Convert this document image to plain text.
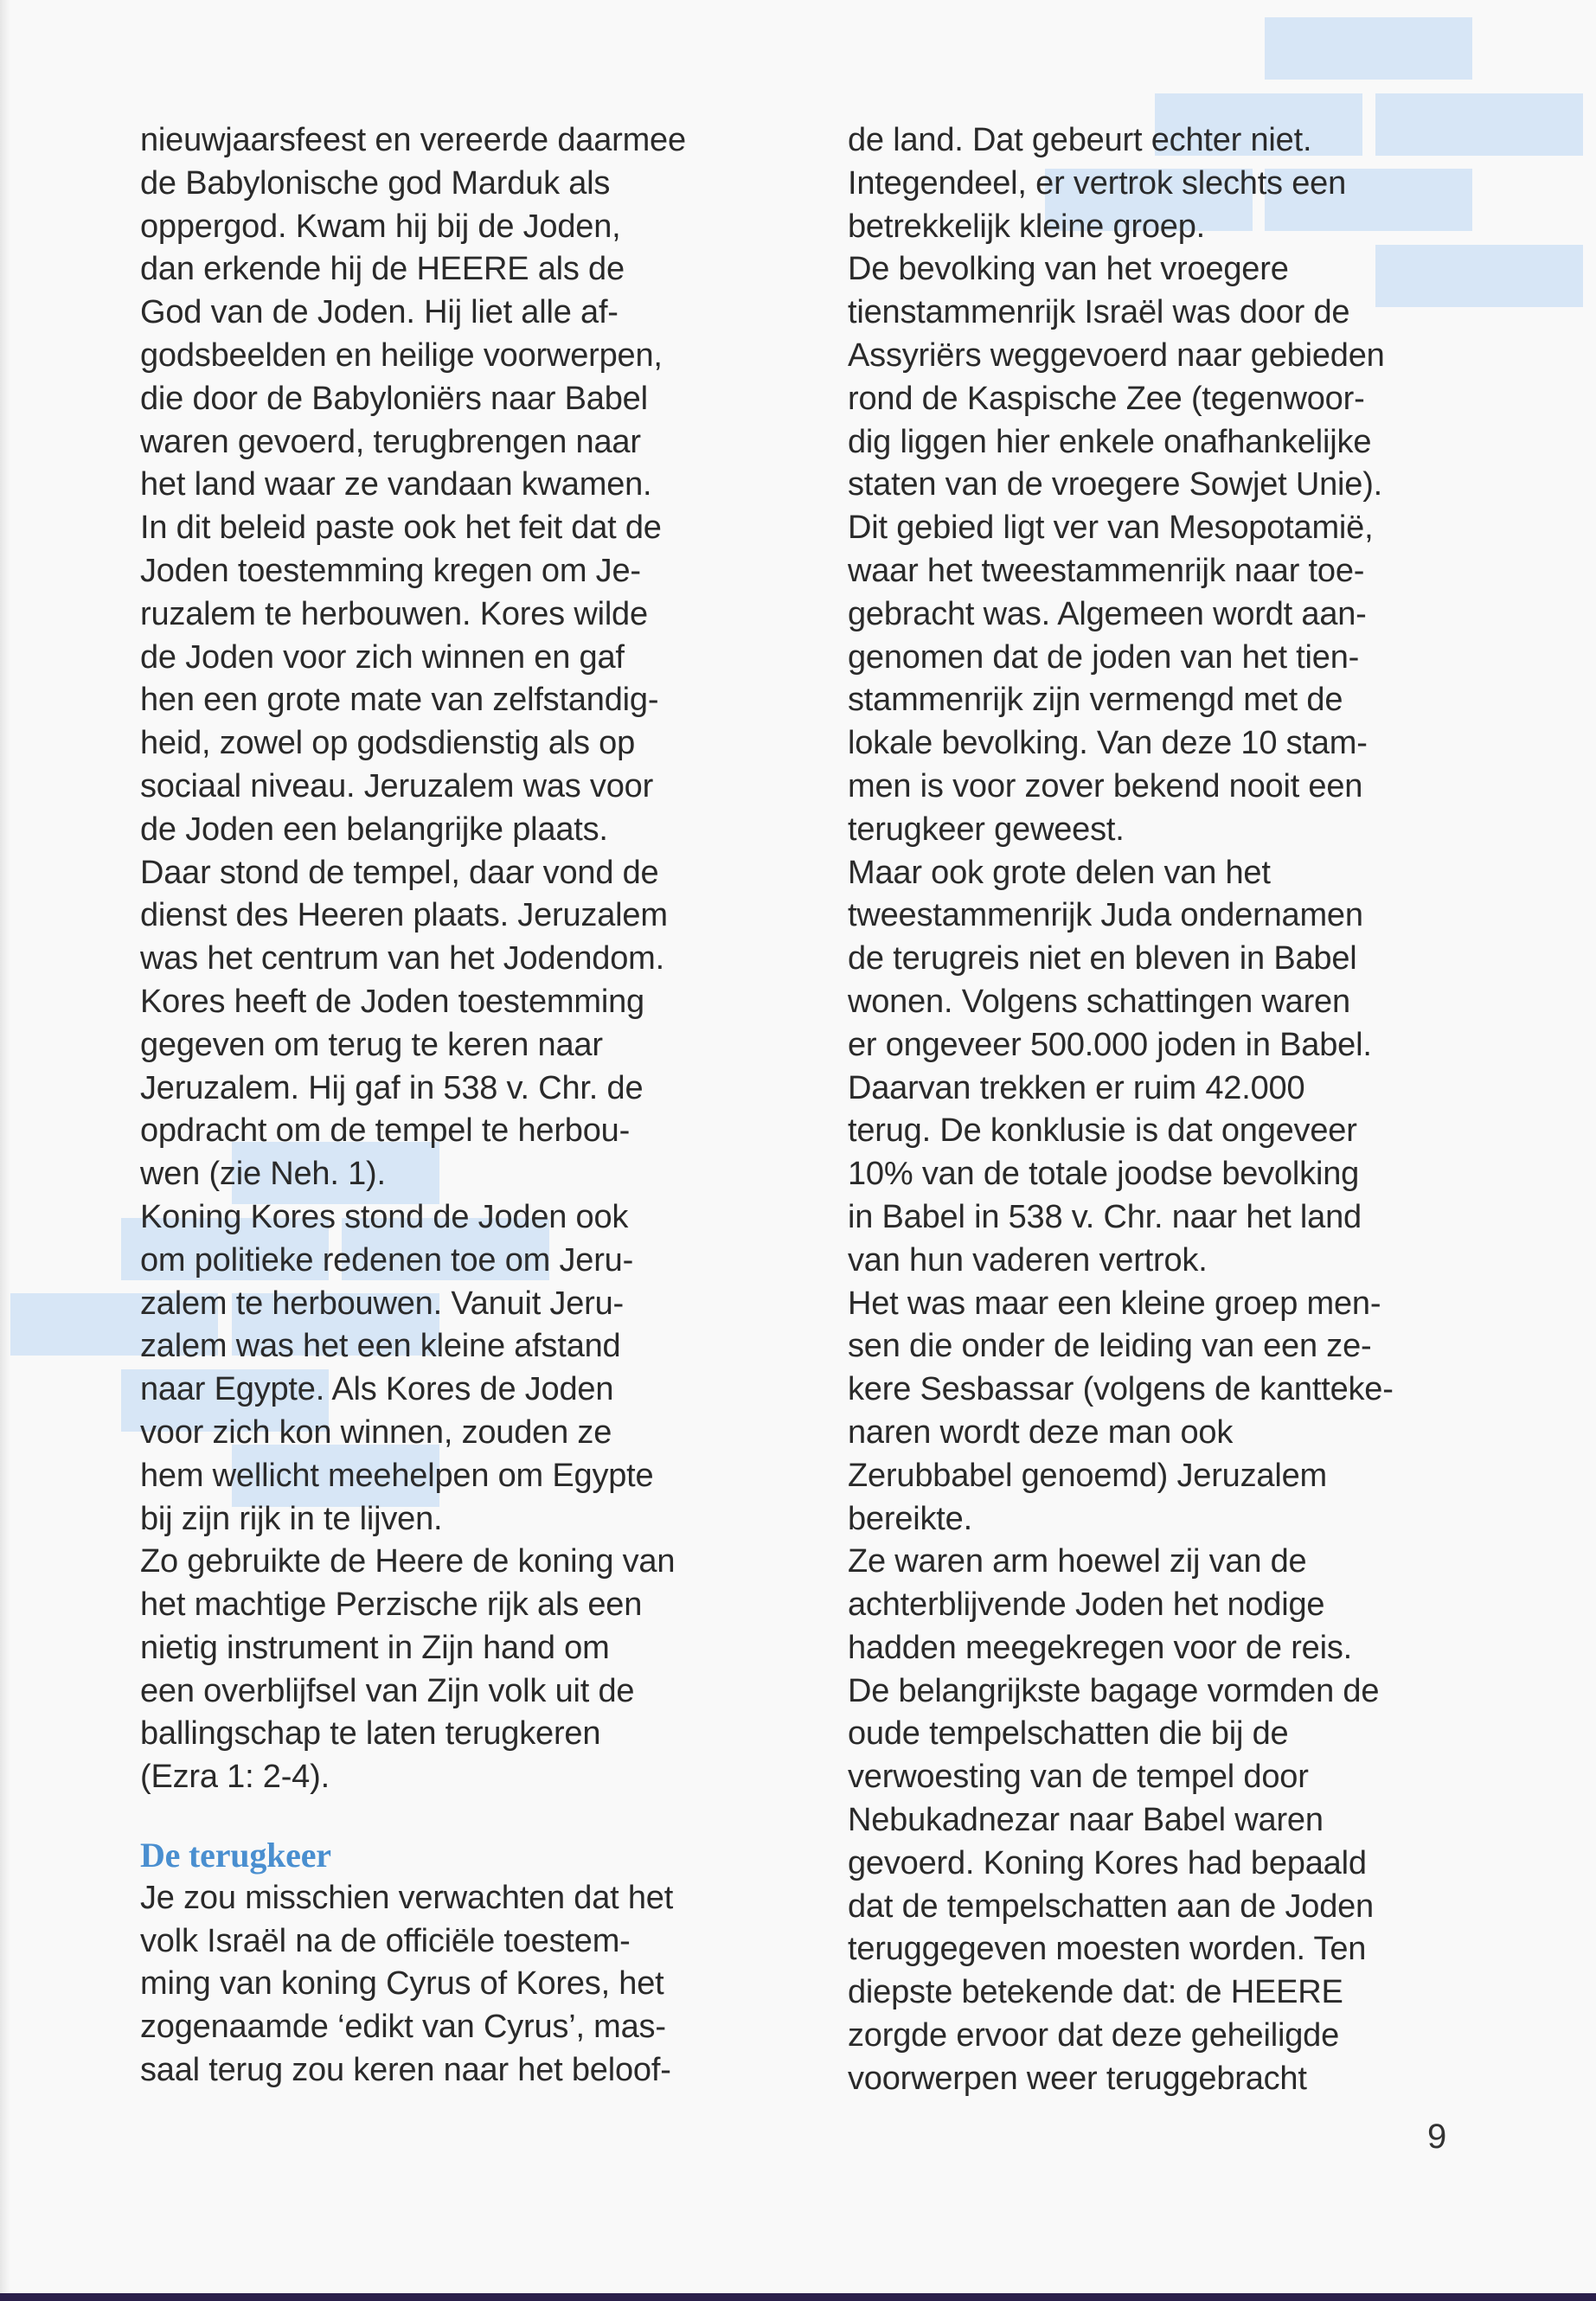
nieuwjaarsfeest en vereerde daarmee
de Babylonische god Marduk als
oppergod. Kwam hij bij de Joden,
dan erkende hij de HEERE als de
God van de Joden. Hij liet alle af-
godsbeelden en heilige voorwerpen,
die door de Babyloniërs naar Babel
waren gevoerd, terugbrengen naar
het land waar ze vandaan kwamen.
In dit beleid paste ook het feit dat de
Joden toestemming kregen om Je-
ruzalem te herbouwen. Kores wilde
de Joden voor zich winnen en gaf
hen een grote mate van zelfstandig-
heid, zowel op godsdienstig als op
sociaal niveau. Jeruzalem was voor
de Joden een belangrijke plaats.
Daar stond de tempel, daar vond de
dienst des Heeren plaats. Jeruzalem
was het centrum van het Jodendom.
Kores heeft de Joden toestemming
gegeven om terug te keren naar
Jeruzalem. Hij gaf in 538 v. Chr. de
opdracht om de tempel te herbou-
wen (zie Neh. 1).
Koning Kores stond de Joden ook
om politieke redenen toe om Jeru-
zalem te herbouwen. Vanuit Jeru-
zalem was het een kleine afstand
naar Egypte. Als Kores de Joden
voor zich kon winnen, zouden ze
hem wellicht meehelpen om Egypte
bij zijn rijk in te lijven.
Zo gebruikte de Heere de koning van
het machtige Perzische rijk als een
nietig instrument in Zijn hand om
een overblijfsel van Zijn volk uit de
ballingschap te laten terugkeren
(Ezra 1: 2-4).
De terugkeer
Je zou misschien verwachten dat het
volk Israël na de officiële toestem-
ming van koning Cyrus of Kores, het
zogenaamde ‘edikt van Cyrus’, mas-
saal terug zou keren naar het beloof-
de land. Dat gebeurt echter niet.
Integendeel, er vertrok slechts een
betrekkelijk kleine groep.
De bevolking van het vroegere
tienstammenrijk Israël was door de
Assyriërs weggevoerd naar gebieden
rond de Kaspische Zee (tegenwoor-
dig liggen hier enkele onafhankelijke
staten van de vroegere Sowjet Unie).
Dit gebied ligt ver van Mesopotamië,
waar het tweestammenrijk naar toe-
gebracht was. Algemeen wordt aan-
genomen dat de joden van het tien-
stammenrijk zijn vermengd met de
lokale bevolking. Van deze 10 stam-
men is voor zover bekend nooit een
terugkeer geweest.
Maar ook grote delen van het
tweestammenrijk Juda ondernamen
de terugreis niet en bleven in Babel
wonen. Volgens schattingen waren
er ongeveer 500.000 joden in Babel.
Daarvan trekken er ruim 42.000
terug. De konklusie is dat ongeveer
10% van de totale joodse bevolking
in Babel in 538 v. Chr. naar het land
van hun vaderen vertrok.
Het was maar een kleine groep men-
sen die onder de leiding van een ze-
kere Sesbassar (volgens de kantteke-
naren wordt deze man ook
Zerubbabel genoemd) Jeruzalem
bereikte.
Ze waren arm hoewel zij van de
achterblijvende Joden het nodige
hadden meegekregen voor de reis.
De belangrijkste bagage vormden de
oude tempelschatten die bij de
verwoesting van de tempel door
Nebukadnezar naar Babel waren
gevoerd. Koning Kores had bepaald
dat de tempelschatten aan de Joden
teruggegeven moesten worden. Ten
diepste betekende dat: de HEERE
zorgde ervoor dat deze geheiligde
voorwerpen weer teruggebracht
9
